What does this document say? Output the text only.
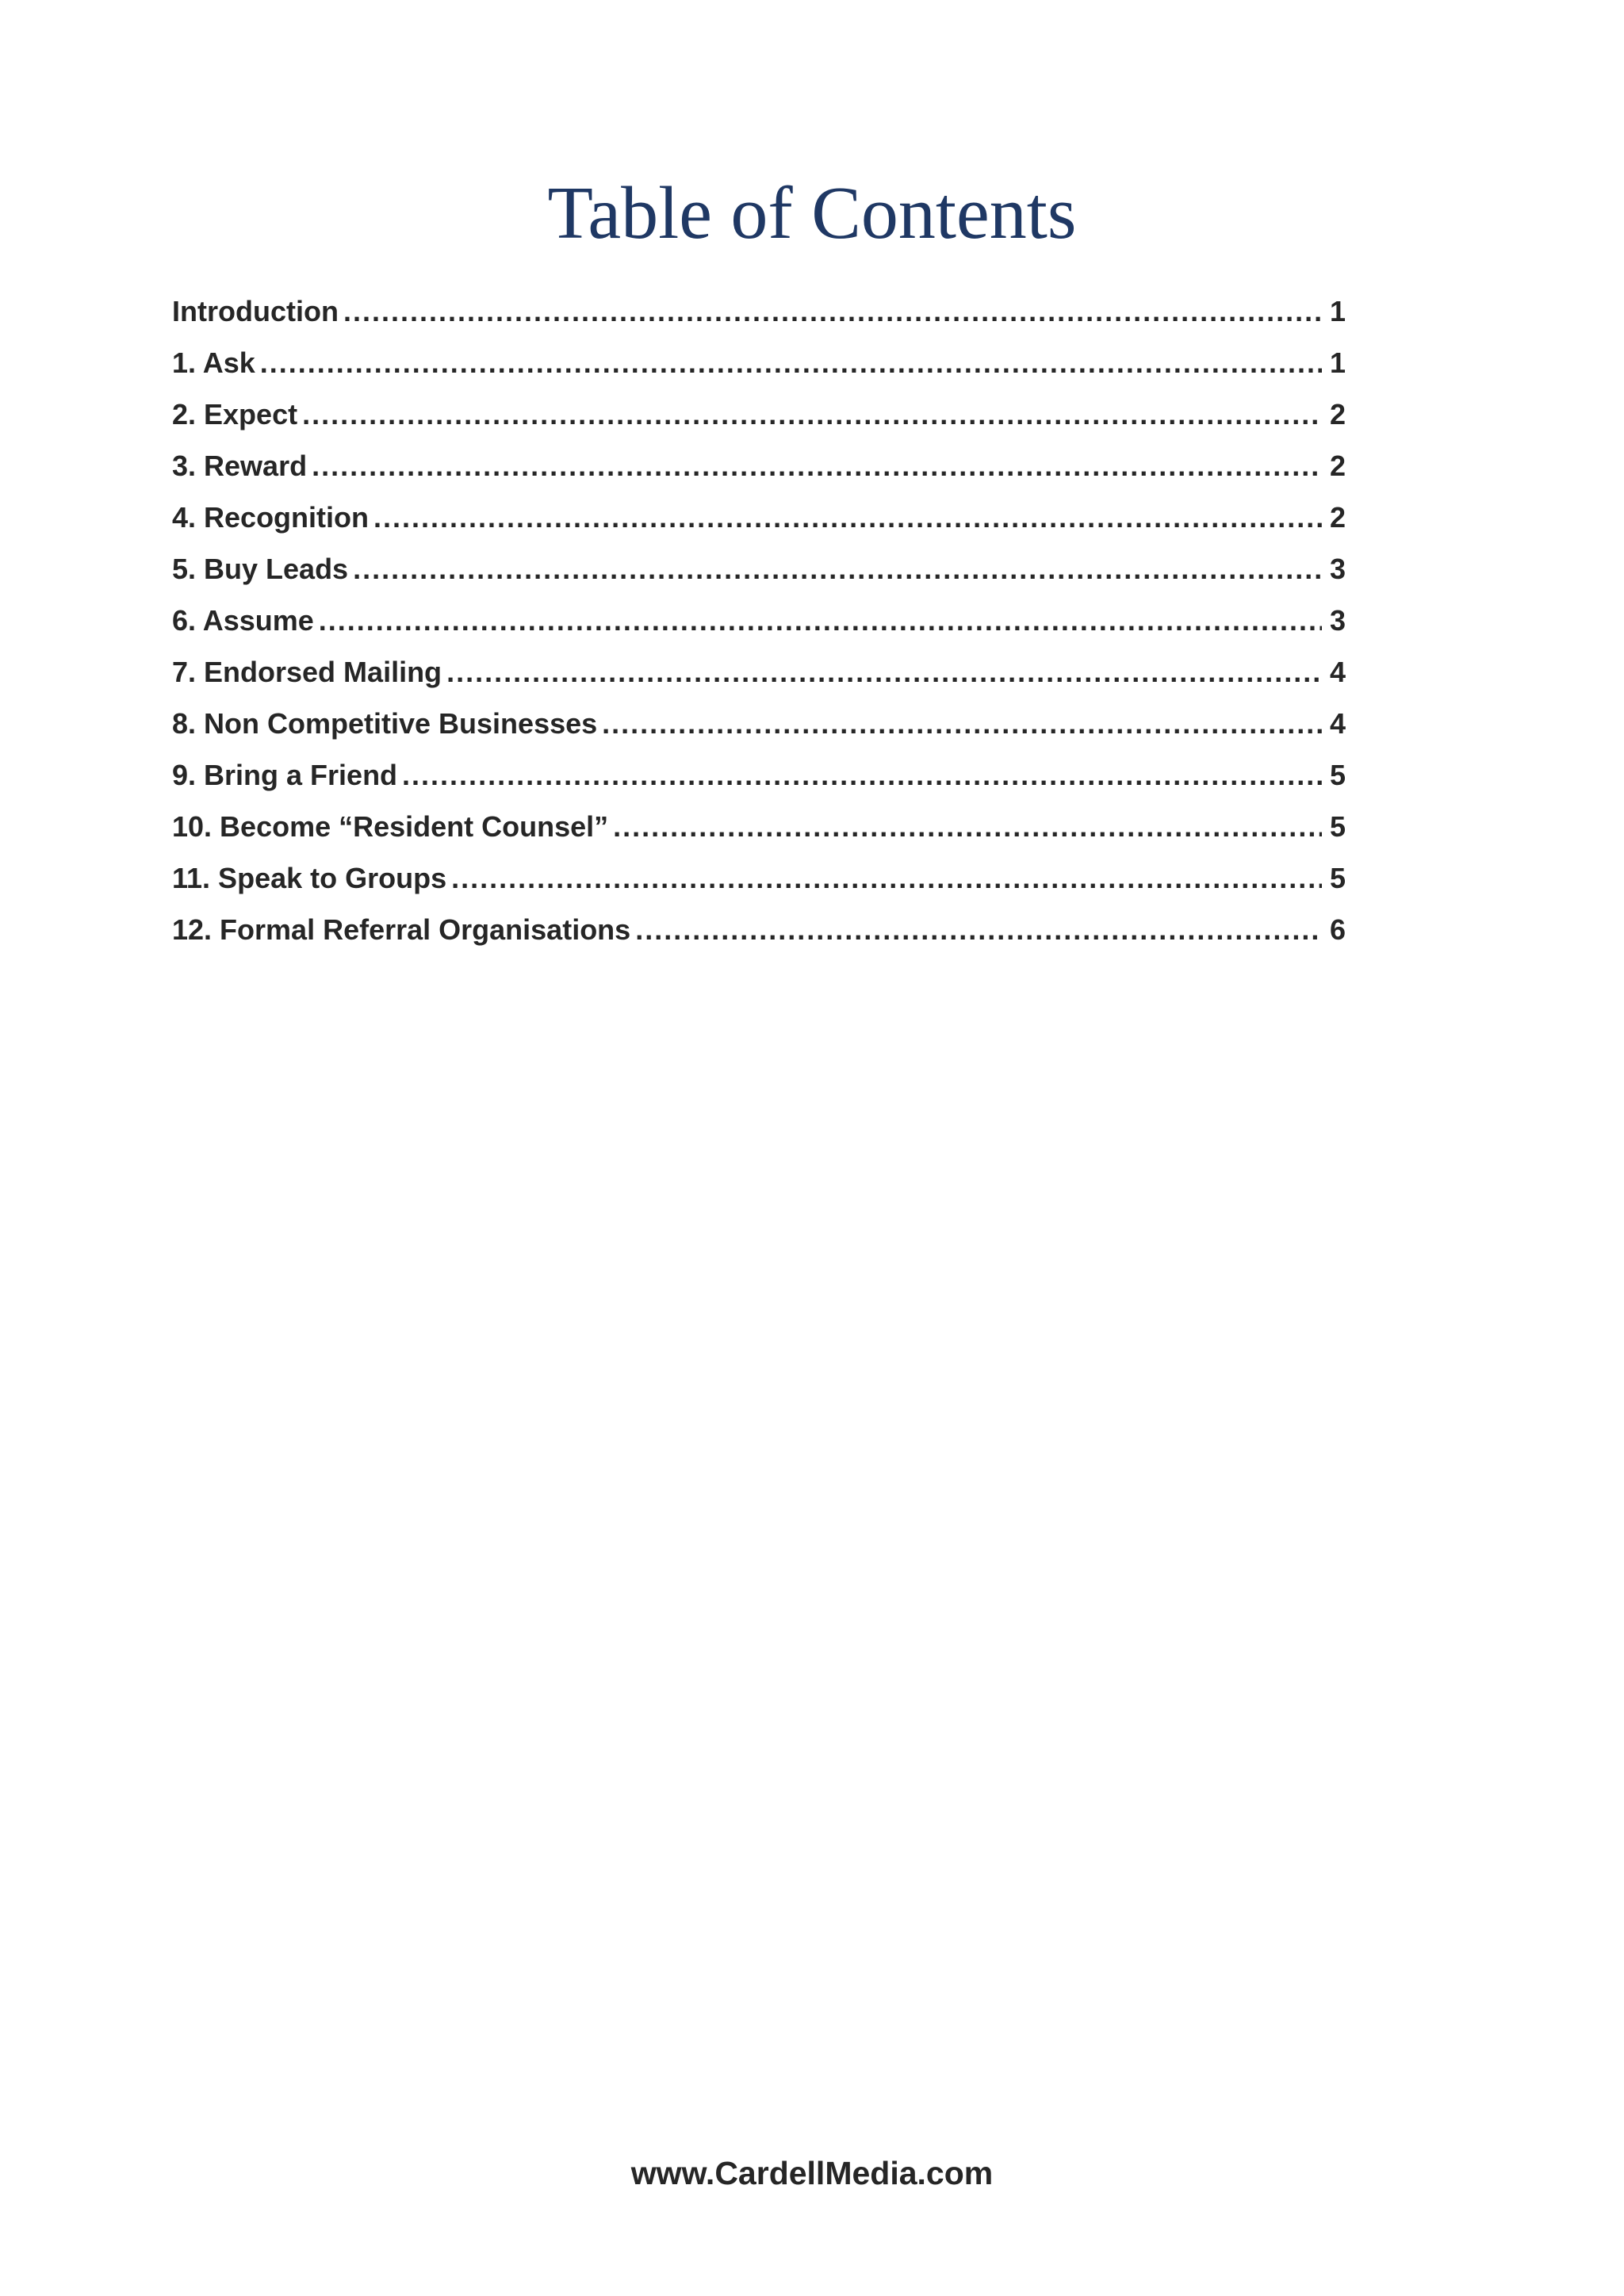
Table of Contents
Introduction .....	1
1. Ask .....	1
2. Expect .....	2
3. Reward .....	2
4. Recognition .....	2
5. Buy Leads .....	3
6. Assume .....	3
7. Endorsed Mailing .....	4
8. Non Competitive Businesses .....	4
9. Bring a Friend .....	5
10. Become “Resident Counsel” .....	5
11. Speak to Groups .....	5
12. Formal Referral Organisations .....	6
www.CardellMedia.com
